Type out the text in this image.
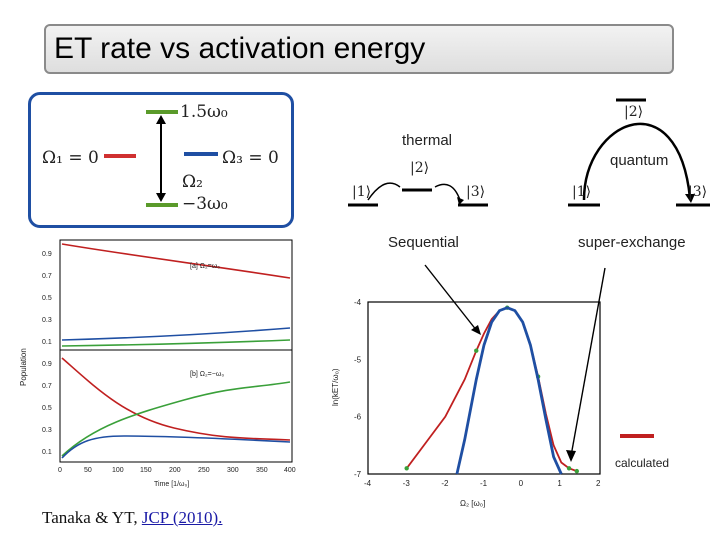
ET rate vs activation energy
1.5ω₀
Ω₁ = 0	Ω₃ = 0
Ω₂
−3ω₀
thermal
|1⟩
|2⟩
|3⟩
Sequential
quantum
|1⟩
|2⟩
|3⟩
super-exchange
[a] Ω₂=ω₀
[b] Ω₂=−ω₀
0.9
0.7
0.5
0.3
0.1
0.9
0.7
0.5
0.3
0.1
0	50	100 150 200 250 300 350 400
Time [1/ω₀]
Population
-4	-3	-2	-1	0	1	2
-4
-5
-6
-7
Ω₂ [ω₀]
ln(kET/ω₀)
calculated
Tanaka & YT, JCP (2010).
